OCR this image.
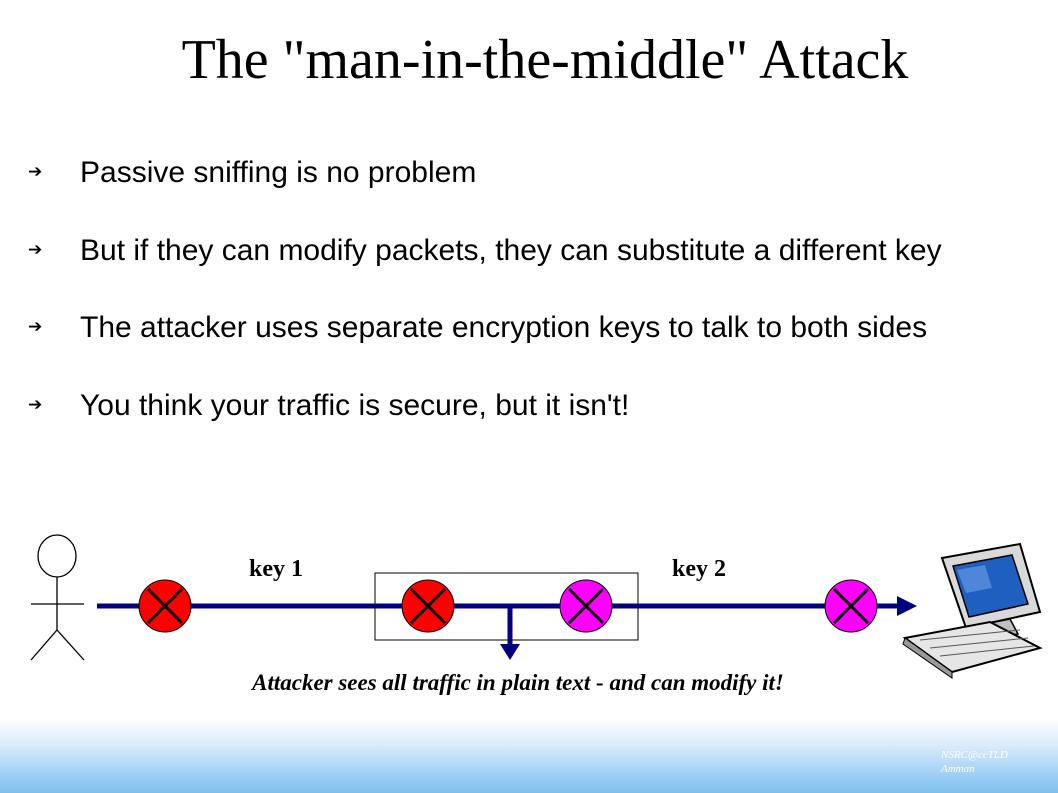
The "man-in-the-middle" Attack
➔ Passive sniffing is no problem
➔ But if they can modify packets, they can substitute a different key
➔ The attacker uses separate encryption keys to talk to both sides
➔ You think your traffic is secure, but it isn't!
key 1	key 2
Attacker sees all traffic in plain text - and can modify it!
NSRC@ccTLD
Amman
